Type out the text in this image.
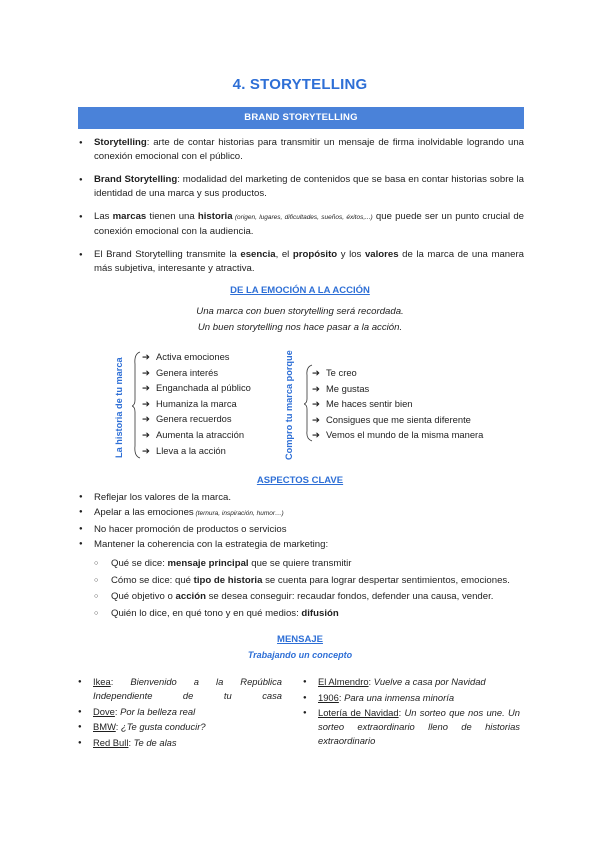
4. STORYTELLING
BRAND STORYTELLING
● Storytelling: arte de contar historias para transmitir un mensaje de firma inolvidable logrando una conexión emocional con el público.
● Brand Storytelling: modalidad del marketing de contenidos que se basa en contar historias sobre la identidad de una marca y sus productos.
● Las marcas tienen una historia (origen, lugares, dificultades, sueños, éxitos,...) que puede ser un punto crucial de conexión emocional con la audiencia.
● El Brand Storytelling transmite la esencia, el propósito y los valores de la marca de una manera más subjetiva, interesante y atractiva.
DE LA EMOCIÓN A LA ACCIÓN
Una marca con buen storytelling será recordada.
Un buen storytelling nos hace pasar a la acción.
La historia de tu marca
➔ Activa emociones
➔ Genera interés
➔ Enganchada al público
➔ Humaniza la marca
➔ Genera recuerdos
➔ Aumenta la atracción
➔ Lleva a la acción	Compro tu marca porque ➔ Te creo
➔ Me gustas
➔ Me haces sentir bien
➔ Consigues que me sienta diferente
➔ Vemos el mundo de la misma manera
ASPECTOS CLAVE
● Reflejar los valores de la marca.
● Apelar a las emociones (ternura, inspiración, humor…)
● No hacer promoción de productos o servicios
● Mantener la coherencia con la estrategia de marketing:
○ Qué se dice: mensaje principal que se quiere transmitir
○ Cómo se dice: qué tipo de historia se cuenta para lograr despertar sentimientos, emociones.
○ Qué objetivo o acción se desea conseguir: recaudar fondos, defender una causa, vender.
○ Quién lo dice, en qué tono y en qué medios: difusión
MENSAJE
Trabajando un concepto
● Ikea: Bienvenido a la República Independiente de tu casa
● Dove: Por la belleza real
● BMW: ¿Te gusta conducir?
● Red Bull: Te de alas
● El Almendro: Vuelve a casa por Navidad
● 1906: Para una inmensa minoría
● Lotería de Navidad: Un sorteo que nos une. Un sorteo extraordinario lleno de historias extraordinario
